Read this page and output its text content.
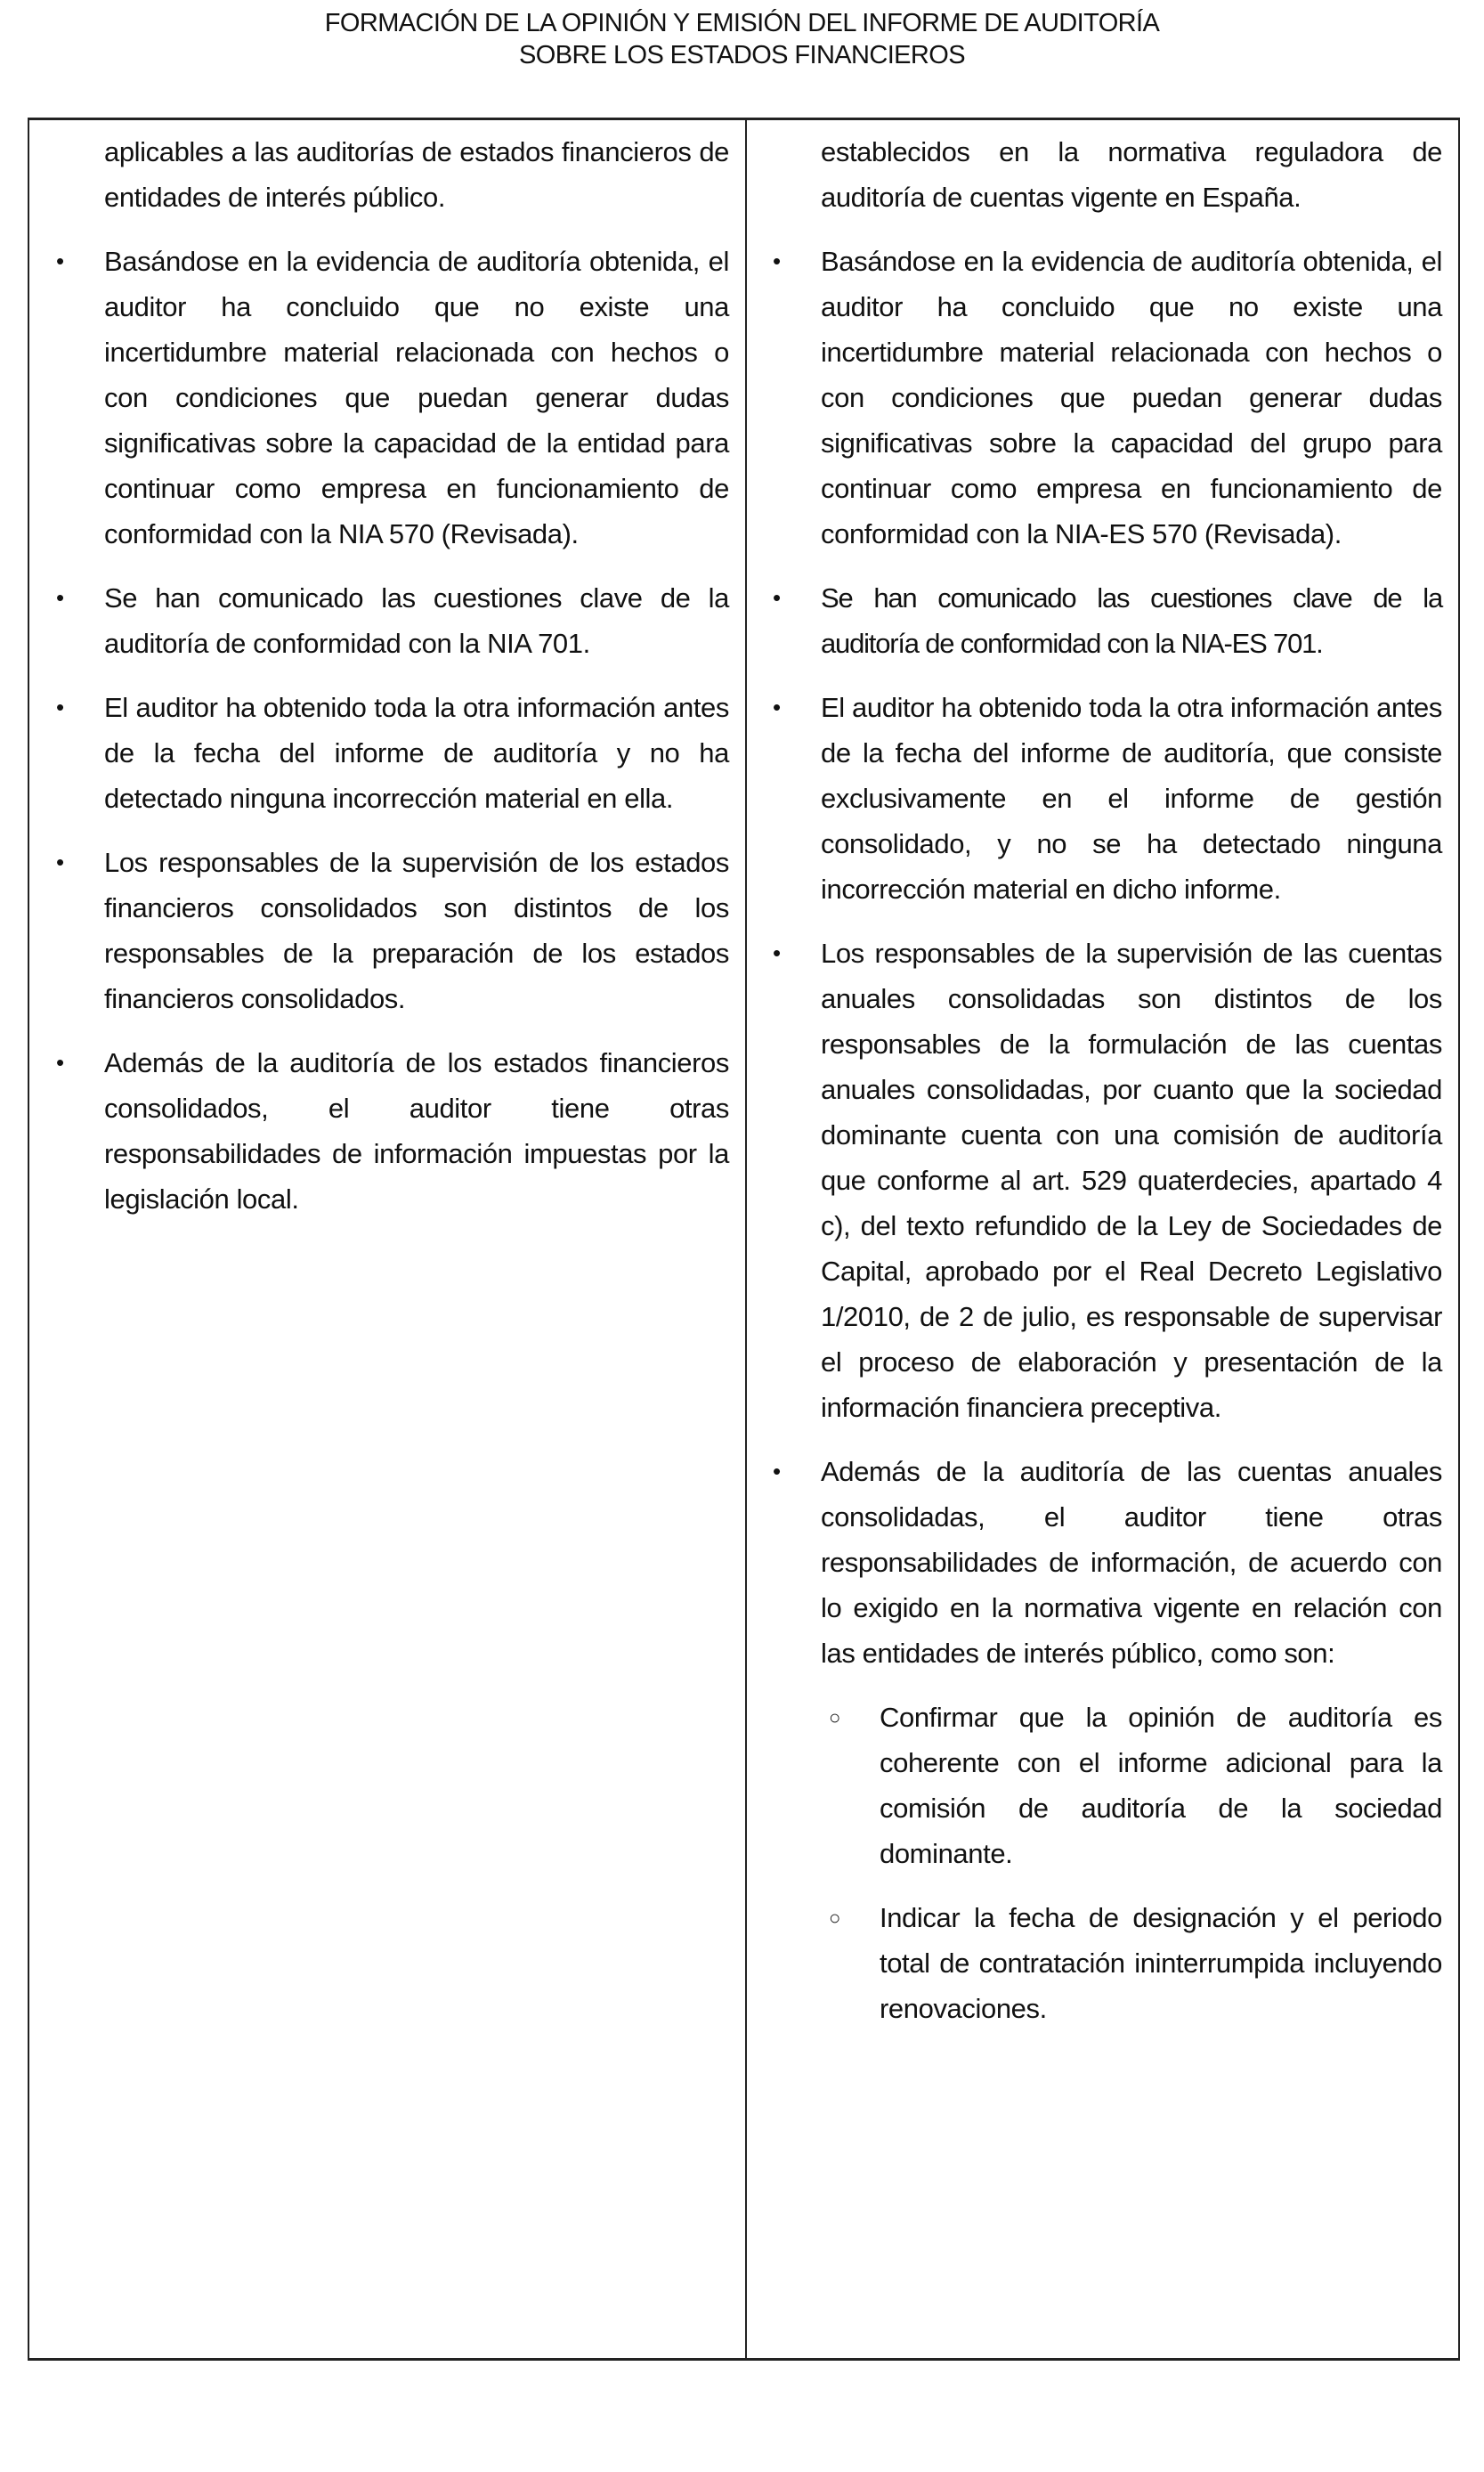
FORMACIÓN DE LA OPINIÓN Y EMISIÓN DEL INFORME DE AUDITORÍA
SOBRE LOS ESTADOS FINANCIEROS

aplicables a las auditorías de estados financieros de entidades de interés público.

• Basándose en la evidencia de auditoría obtenida, el auditor ha concluido que no existe una incertidumbre material relacionada con hechos o con condiciones que puedan generar dudas significativas sobre la capacidad de la entidad para continuar como empresa en funcionamiento de conformidad con la NIA 570 (Revisada).
• Se han comunicado las cuestiones clave de la auditoría de conformidad con la NIA 701.
• El auditor ha obtenido toda la otra información antes de la fecha del informe de auditoría y no ha detectado ninguna incorrección material en ella.
• Los responsables de la supervisión de los estados financieros consolidados son distintos de los responsables de la preparación de los estados financieros consolidados.
• Además de la auditoría de los estados financieros consolidados, el auditor tiene otras responsabilidades de información impuestas por la legislación local.

establecidos en la normativa reguladora de auditoría de cuentas vigente en España.

• Basándose en la evidencia de auditoría obtenida, el auditor ha concluido que no existe una incertidumbre material relacionada con hechos o con condiciones que puedan generar dudas significativas sobre la capacidad del grupo para continuar como empresa en funcionamiento de conformidad con la NIA-ES 570 (Revisada).
• Se han comunicado las cuestiones clave de la auditoría de conformidad con la NIA-ES 701.
• El auditor ha obtenido toda la otra información antes de la fecha del informe de auditoría, que consiste exclusivamente en el informe de gestión consolidado, y no se ha detectado ninguna incorrección material en dicho informe.
• Los responsables de la supervisión de las cuentas anuales consolidadas son distintos de los responsables de la formulación de las cuentas anuales consolidadas, por cuanto que la sociedad dominante cuenta con una comisión de auditoría que conforme al art. 529 quaterdecies, apartado 4 c), del texto refundido de la Ley de Sociedades de Capital, aprobado por el Real Decreto Legislativo 1/2010, de 2 de julio, es responsable de supervisar el proceso de elaboración y presentación de la información financiera preceptiva.
• Además de la auditoría de las cuentas anuales consolidadas, el auditor tiene otras responsabilidades de información, de acuerdo con lo exigido en la normativa vigente en relación con las entidades de interés público, como son:
○ Confirmar que la opinión de auditoría es coherente con el informe adicional para la comisión de auditoría de la sociedad dominante.
○ Indicar la fecha de designación y el periodo total de contratación ininterrumpida incluyendo renovaciones.
